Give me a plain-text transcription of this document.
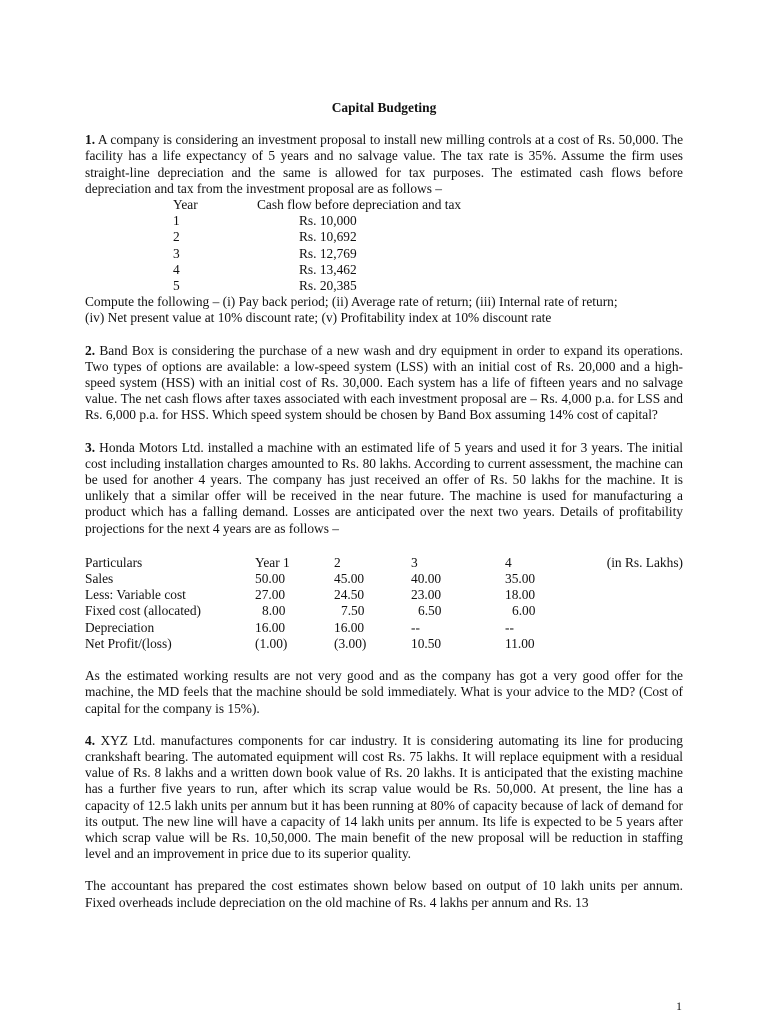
Capital Budgeting

1. A company is considering an investment proposal to install new milling controls at a cost of Rs. 50,000. The facility has a life expectancy of 5 years and no salvage value. The tax rate is 35%. Assume the firm uses straight-line depreciation and the same is allowed for tax purposes. The estimated cash flows before depreciation and tax from the investment proposal are as follows –

Year	Cash flow before depreciation and tax
1	Rs. 10,000
2	Rs. 10,692
3	Rs. 12,769
4	Rs. 13,462
5	Rs. 20,385

Compute the following – (i) Pay back period; (ii) Average rate of return; (iii) Internal rate of return;

(iv) Net present value at 10% discount rate; (v) Profitability index at 10% discount rate

2. Band Box is considering the purchase of a new wash and dry equipment in order to expand its operations. Two types of options are available: a low-speed system (LSS) with an initial cost of Rs. 20,000 and a high-speed system (HSS) with an initial cost of Rs. 30,000. Each system has a life of fifteen years and no salvage value. The net cash flows after taxes associated with each investment proposal are – Rs. 4,000 p.a. for LSS and Rs. 6,000 p.a. for HSS. Which speed system should be chosen by Band Box assuming 14% cost of capital?

3. Honda Motors Ltd. installed a machine with an estimated life of 5 years and used it for 3 years. The initial cost including installation charges amounted to Rs. 80 lakhs. According to current assessment, the machine can be used for another 4 years. The company has just received an offer of Rs. 50 lakhs for the machine. It is unlikely that a similar offer will be received in the near future. The machine is used for manufacturing a product which has a falling demand. Losses are anticipated over the next two years. Details of profitability projections for the next 4 years are as follows –

Particulars	Year 1	2	3	4	(in Rs. Lakhs)
Sales	50.00	45.00	40.00	35.00	
Less: Variable cost	27.00	24.50	23.00	18.00	
Fixed cost (allocated)	8.00	7.50	6.50	6.00	
Depreciation	16.00	16.00	--	--	
Net Profit/(loss)	(1.00)	(3.00)	10.50	11.00	

As the estimated working results are not very good and as the company has got a very good offer for the machine, the MD feels that the machine should be sold immediately. What is your advice to the MD? (Cost of capital for the company is 15%).

4. XYZ Ltd. manufactures components for car industry. It is considering automating its line for producing crankshaft bearing. The automated equipment will cost Rs. 75 lakhs. It will replace equipment with a residual value of Rs. 8 lakhs and a written down book value of Rs. 20 lakhs. It is anticipated that the existing machine has a further five years to run, after which its scrap value would be Rs. 50,000. At present, the line has a capacity of 12.5 lakh units per annum but it has been running at 80% of capacity because of lack of demand for its output. The new line will have a capacity of 14 lakh units per annum. Its life is expected to be 5 years after which scrap value will be Rs. 10,50,000. The main benefit of the new proposal will be reduction in staffing level and an improvement in price due to its superior quality.

The accountant has prepared the cost estimates shown below based on output of 10 lakh units per annum. Fixed overheads include depreciation on the old machine of Rs. 4 lakhs per annum and Rs. 13

1
